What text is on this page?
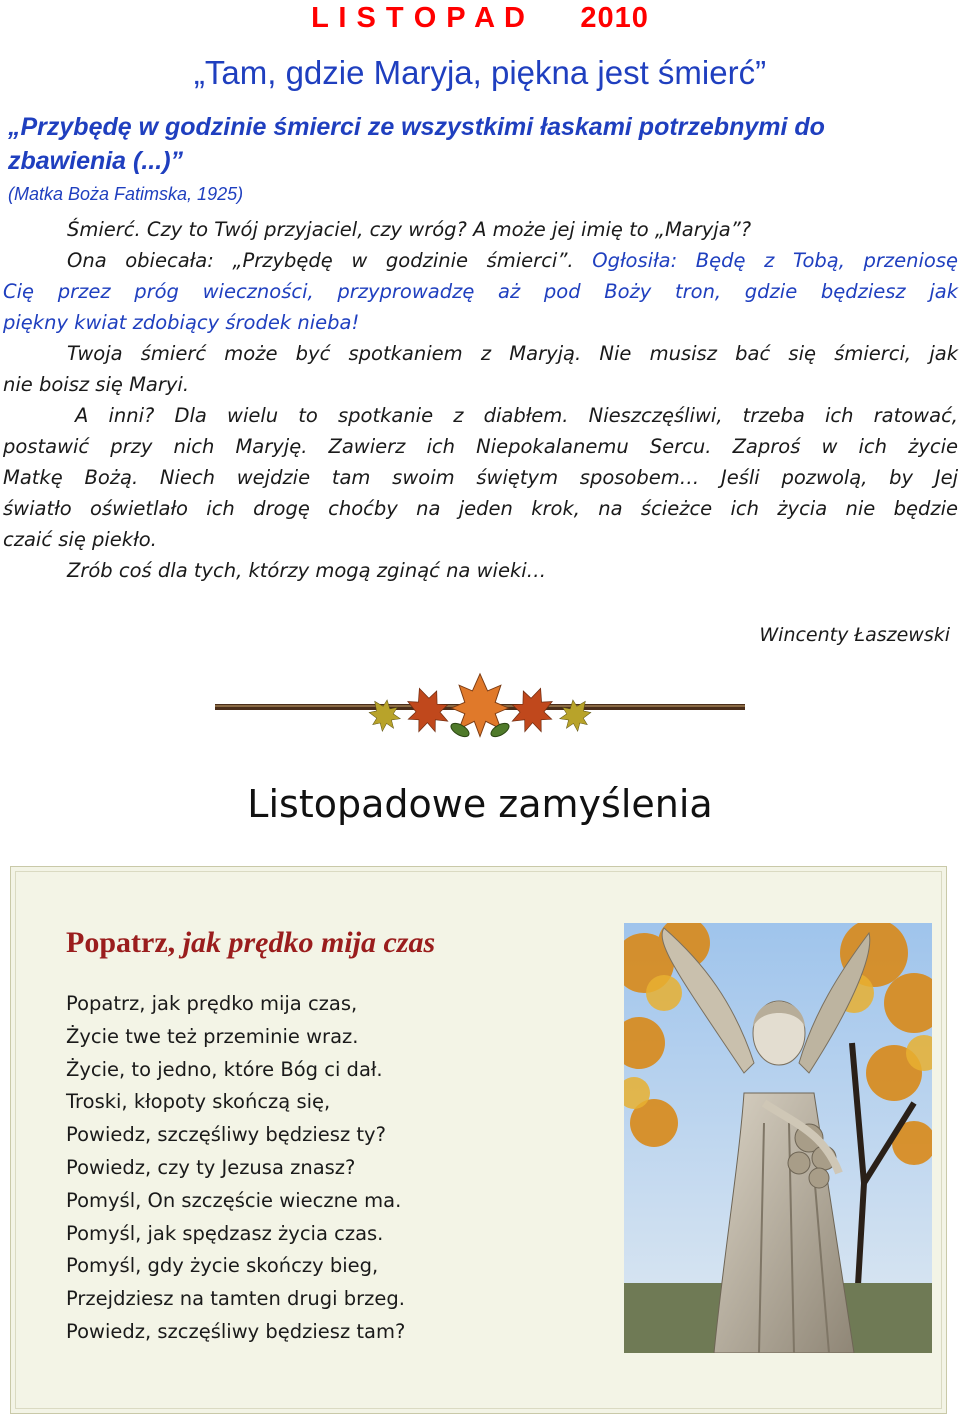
L I S T O P A D 2010
„Tam, gdzie Maryja, piękna jest śmierć”
„Przybędę w godzinie śmierci ze wszystkimi łaskami potrzebnymi do
zbawienia (...)”
(Matka Boża Fatimska, 1925)
Śmierć. Czy to Twój przyjaciel, czy wróg? A może jej imię to „Maryja”?
Ona obiecała: „Przybędę w godzinie śmierci”. Ogłosiła: Będę z Tobą, przeniosę
Cię przez próg wieczności, przyprowadzę aż pod Boży tron, gdzie będziesz jak
piękny kwiat zdobiący środek nieba!
Twoja śmierć może być spotkaniem z Maryją. Nie musisz bać się śmierci, jak
nie boisz się Maryi.
A inni? Dla wielu to spotkanie z diabłem. Nieszczęśliwi, trzeba ich ratować,
postawić przy nich Maryję. Zawierz ich Niepokalanemu Sercu. Zaproś w ich życie
Matkę Bożą. Niech wejdzie tam swoim świętym sposobem… Jeśli pozwolą, by Jej
światło oświetlało ich drogę choćby na jeden krok, na ścieżce ich życia nie będzie
czaić się piekło.
Zrób coś dla tych, którzy mogą zginąć na wieki…
Wincenty Łaszewski
Listopadowe zamyślenia
Popatrz, jak prędko mija czas
Popatrz, jak prędko mija czas,
Życie twe też przeminie wraz.
Życie, to jedno, które Bóg ci dał.
Troski, kłopoty skończą się,
Powiedz, szczęśliwy będziesz ty?
Powiedz, czy ty Jezusa znasz?
Pomyśl, On szczęście wieczne ma.
Pomyśl, jak spędzasz życia czas.
Pomyśl, gdy życie skończy bieg,
Przejdziesz na tamten drugi brzeg.
Powiedz, szczęśliwy będziesz tam?
